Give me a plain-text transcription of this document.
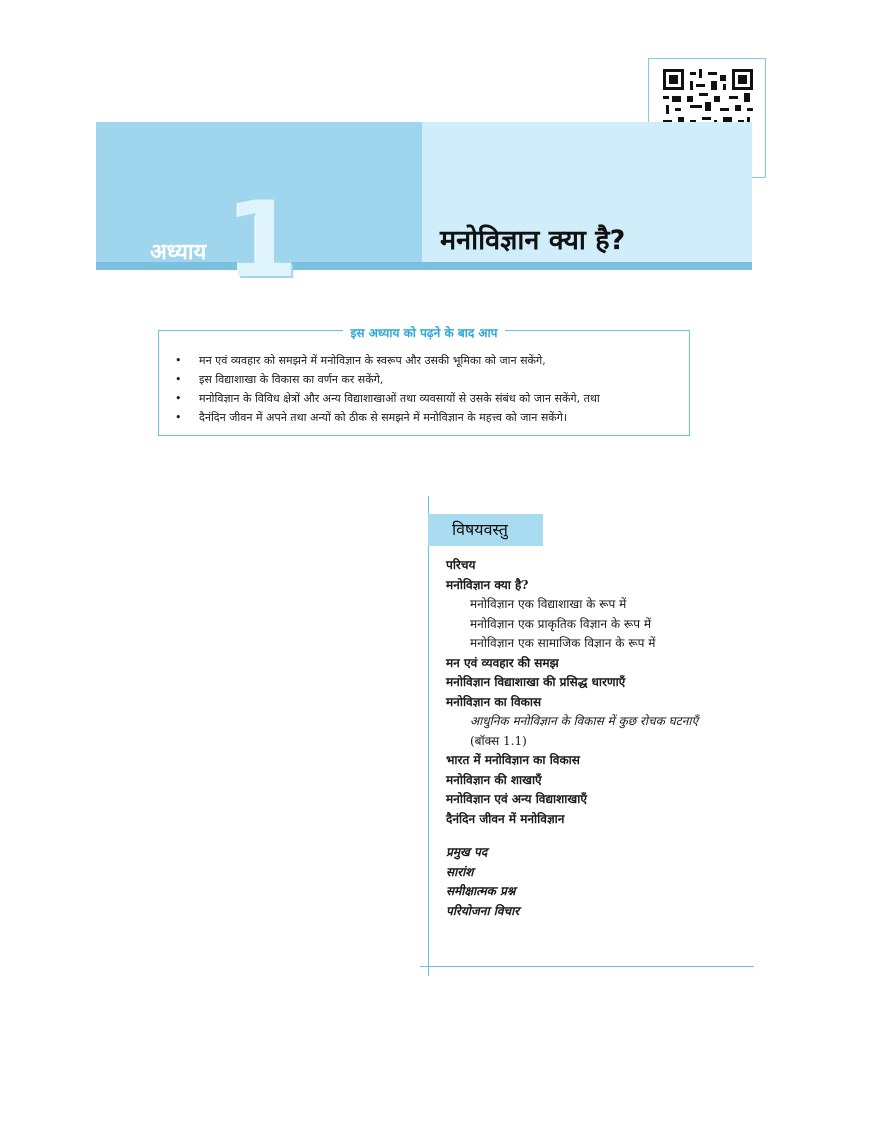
अध्याय 1	मनोविज्ञान क्या है?
इस अध्याय को पढ़ने के बाद आप
• मन एवं व्यवहार को समझने में मनोविज्ञान के स्वरूप और उसकी भूमिका को जान सकेंगे,
• इस विद्याशाखा के विकास का वर्णन कर सकेंगे,
• मनोविज्ञान के विविध क्षेत्रों और अन्य विद्याशाखाओं तथा व्यवसायों से उसके संबंध को जान सकेंगे, तथा
• दैनंदिन जीवन में अपने तथा अन्यों को ठीक से समझने में मनोविज्ञान के महत्त्व को जान सकेंगे।
विषयवस्तु
परिचय
मनोविज्ञान क्या है?
मनोविज्ञान एक विद्याशाखा के रूप में
मनोविज्ञान एक प्राकृतिक विज्ञान के रूप में
मनोविज्ञान एक सामाजिक विज्ञान के रूप में
मन एवं व्यवहार की समझ
मनोविज्ञान विद्याशाखा की प्रसिद्ध धारणाएँ
मनोविज्ञान का विकास
आधुनिक मनोविज्ञान के विकास में कुछ रोचक घटनाएँ
(बॉक्स 1.1)
भारत में मनोविज्ञान का विकास
मनोविज्ञान की शाखाएँ
मनोविज्ञान एवं अन्य विद्याशाखाएँ
दैनंदिन जीवन में मनोविज्ञान
प्रमुख पद
सारांश
समीक्षात्मक प्रश्न
परियोजना विचार
